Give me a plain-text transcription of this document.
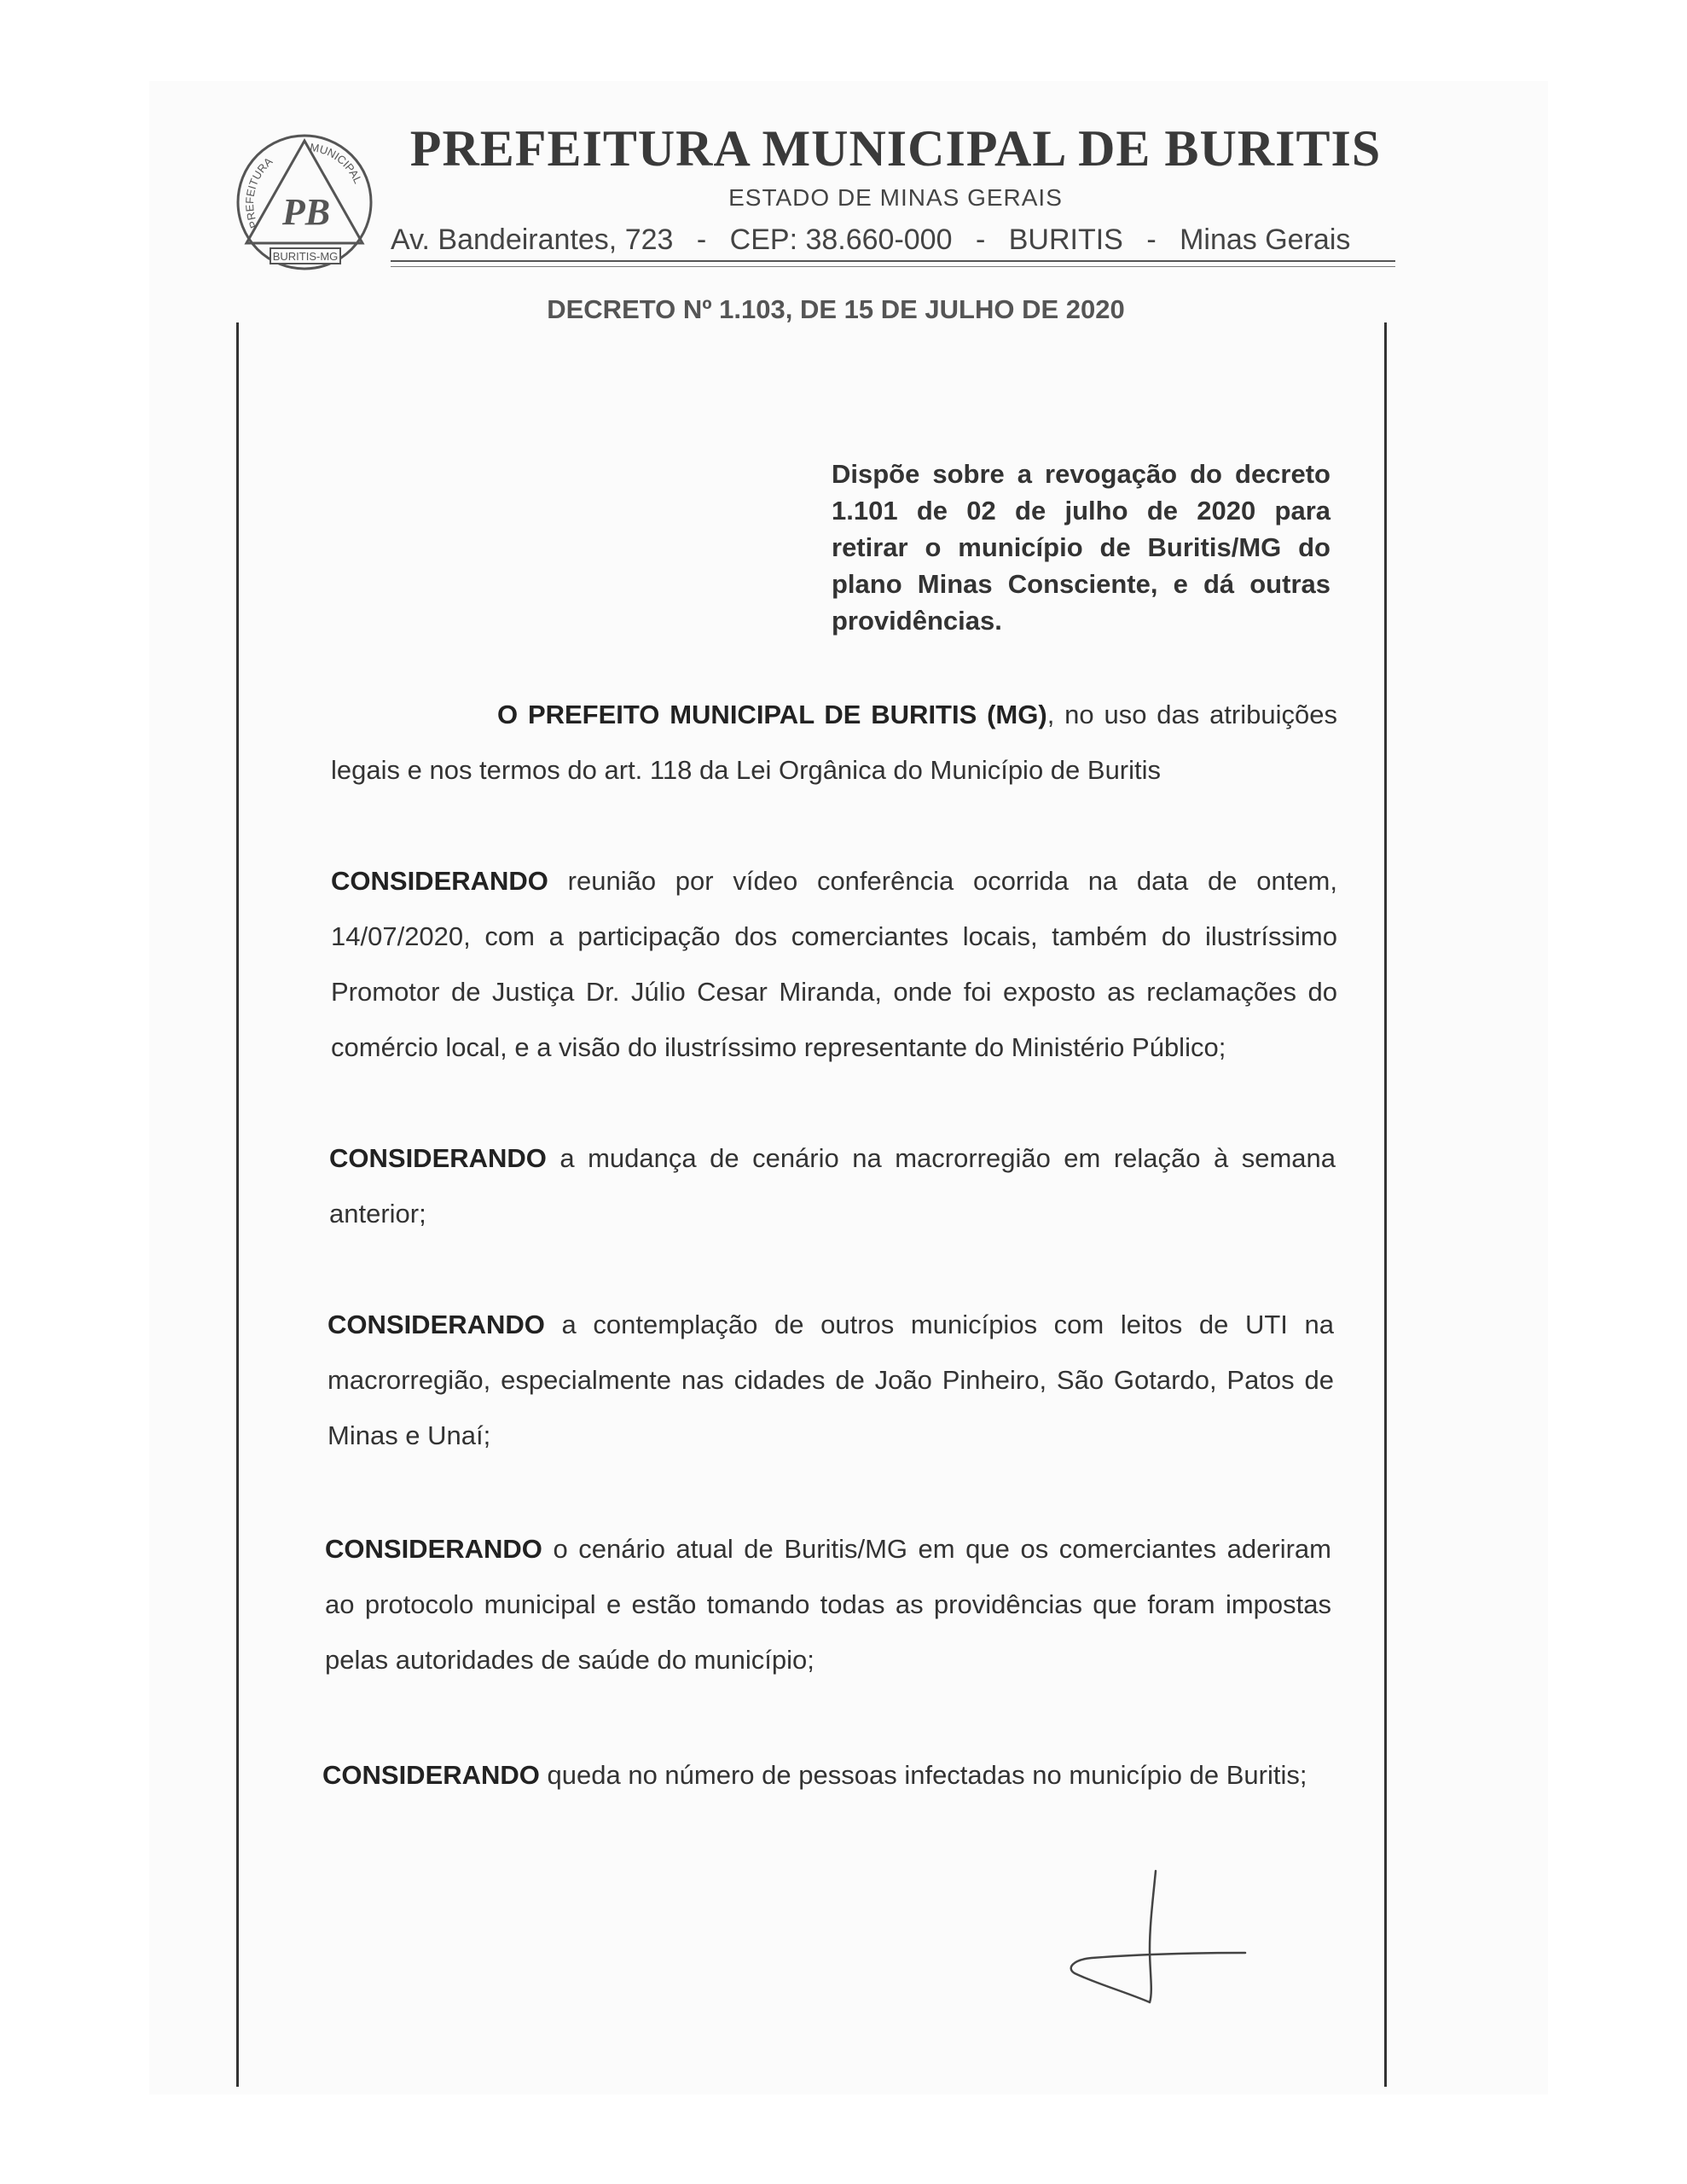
PREFEITURA
MUNICIPAL
PB
BURITIS-MG
PREFEITURA MUNICIPAL DE BURITIS
ESTADO DE MINAS GERAIS
Av. Bandeirantes, 723 - CEP: 38.660-000 - BURITIS - Minas Gerais
DECRETO Nº 1.103, DE 15 DE JULHO DE 2020
Dispõe sobre a revogação do decreto 1.101 de 02 de julho de 2020 para retirar o município de Buritis/MG do plano Minas Consciente, e dá outras providências.
O PREFEITO MUNICIPAL DE BURITIS (MG), no uso das atribuições legais e nos termos do art. 118 da Lei Orgânica do Município de Buritis
CONSIDERANDO reunião por vídeo conferência ocorrida na data de ontem, 14/07/2020, com a participação dos comerciantes locais, também do ilustríssimo Promotor de Justiça Dr. Júlio Cesar Miranda, onde foi exposto as reclamações do comércio local, e a visão do ilustríssimo representante do Ministério Público;
CONSIDERANDO a mudança de cenário na macrorregião em relação à semana anterior;
CONSIDERANDO a contemplação de outros municípios com leitos de UTI na macrorregião, especialmente nas cidades de João Pinheiro, São Gotardo, Patos de Minas e Unaí;
CONSIDERANDO o cenário atual de Buritis/MG em que os comerciantes aderiram ao protocolo municipal e estão tomando todas as providências que foram impostas pelas autoridades de saúde do município;
CONSIDERANDO queda no número de pessoas infectadas no município de Buritis;
